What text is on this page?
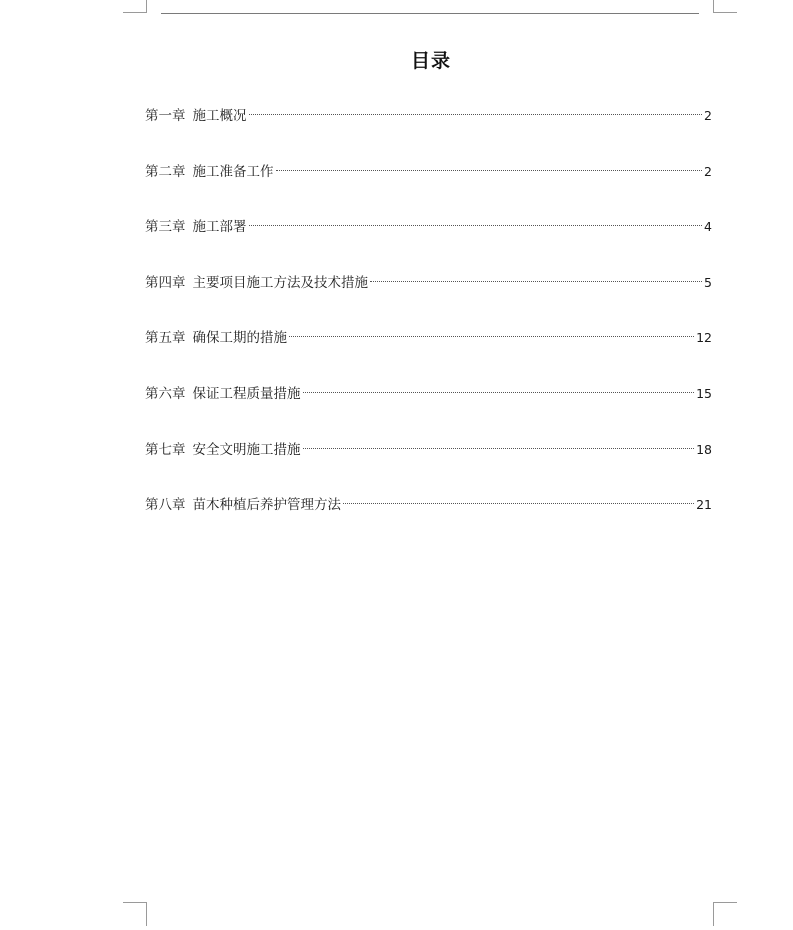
目录
第一章 施工概况	2
第二章 施工准备工作	2
第三章 施工部署	4
第四章 主要项目施工方法及技术措施	5
第五章 确保工期的措施	12
第六章 保证工程质量措施	15
第七章 安全文明施工措施	18
第八章 苗木种植后养护管理方法	21
